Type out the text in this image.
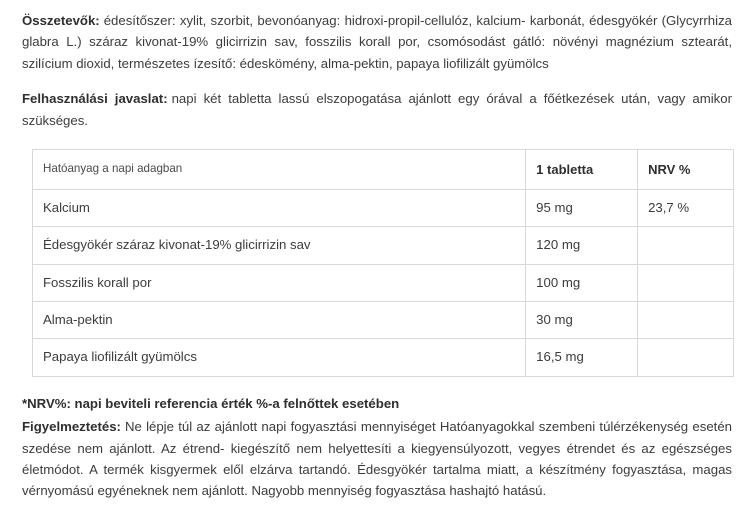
Összetevők: édesítőszer: xylit, szorbit, bevonóanyag: hidroxi-propil-cellulóz, kalcium- karbonát, édesgyökér (Glycyrrhiza glabra L.) száraz kivonat-19% glicirrizin sav, fosszilis korall por, csomósodást gátló: növényi magnézium sztearát, szilícium dioxid, természetes ízesítő: édeskömény, alma-pektin, papaya liofilizált gyümölcs

Felhasználási javaslat: napi két tabletta lassú elszopogatása ajánlott egy órával a főétkezések után, vagy amikor szükséges.

Hatóanyag a napi adagban	1 tabletta	NRV %
Kalcium	95 mg	23,7 %
Édesgyökér száraz kivonat-19% glicirrizin sav	120 mg	
Fosszilis korall por	100 mg	
Alma-pektin	30 mg	
Papaya liofilizált gyümölcs	16,5 mg	

*NRV%: napi beviteli referencia érték %-a felnőttek esetében

Figyelmeztetés: Ne lépje túl az ajánlott napi fogyasztási mennyiséget Hatóanyagokkal szembeni túlérzékenység esetén szedése nem ajánlott. Az étrend- kiegészítő nem helyettesíti a kiegyensúlyozott, vegyes étrendet és az egészséges életmódot. A termék kisgyermek elől elzárva tartandó. Édesgyökér tartalma miatt, a készítmény fogyasztása, magas vérnyomású egyéneknek nem ajánlott. Nagyobb mennyiség fogyasztása hashajtó hatású.
